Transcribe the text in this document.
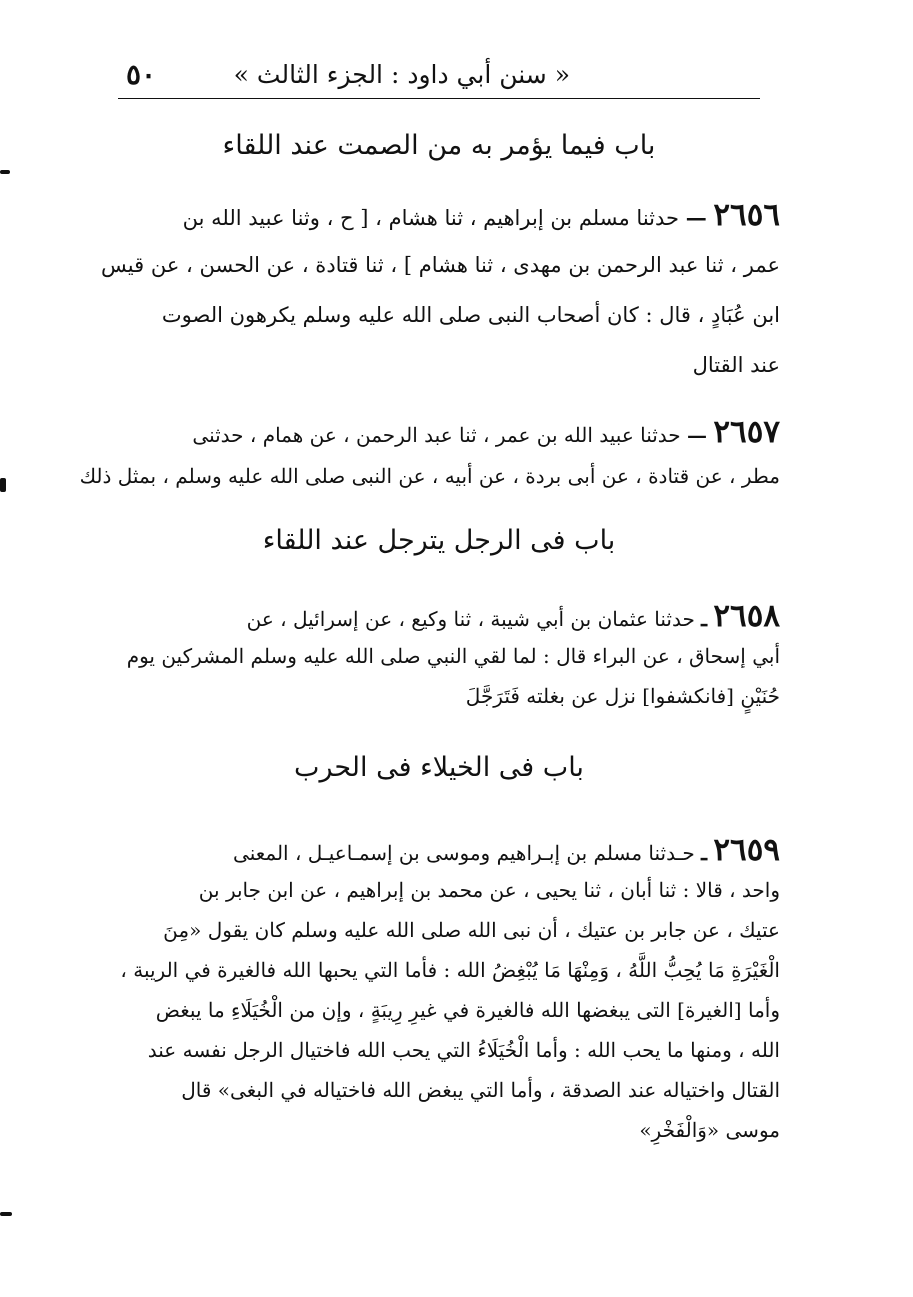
٥٠	« سنن أبي داود : الجزء الثالث »
باب فيما يؤمر به من الصمت عند اللقاء
٢٦٥٦ — حدثنا مسلم بن إبراهيم ، ثنا هشام ، [ ح ، وثنا عبيد الله بن
عمر ، ثنا عبد الرحمن بن مهدى ، ثنا هشام ] ، ثنا قتادة ، عن الحسن ، عن قيس
ابن عُبَادٍ ، قال : كان أصحاب النبى صلى الله عليه وسلم يكرهون الصوت
عند القتال
٢٦٥٧ — حدثنا عبيد الله بن عمر ، ثنا عبد الرحمن ، عن همام ، حدثنى
مطر ، عن قتادة ، عن أبى بردة ، عن أبيه ، عن النبى صلى الله عليه وسلم ، بمثل ذلك
باب فى الرجل يترجل عند اللقاء
٢٦٥٨ ـ حدثنا عثمان بن أبي شيبة ، ثنا وكيع ، عن إسرائيل ، عن
أبي إسحاق ، عن البراء قال : لما لقي النبي صلى الله عليه وسلم المشركين يوم
حُنَيْنٍ [فانكشفوا] نزل عن بغلته فَتَرَجَّلَ
باب فى الخيلاء فى الحرب
٢٦٥٩ ـ حـدثنا مسلم بن إبـراهيم وموسى بن إسمـاعيـل ، المعنى
واحد ، قالا : ثنا أبان ، ثنا يحيى ، عن محمد بن إبراهيم ، عن ابن جابر بن
عتيك ، عن جابر بن عتيك ، أن نبى الله صلى الله عليه وسلم كان يقول «مِنَ
الْغَيْرَةِ مَا يُحِبُّ اللَّهُ ، وَمِنْهَا مَا يُبْغِضُ الله : فأما التي يحبها الله فالغيرة في الريبة ،
وأما [الغيرة] التى يبغضها الله فالغيرة في غيرِ رِيبَةٍ ، وإن من الْخُيَلَاءِ ما يبغض
الله ، ومنها ما يحب الله : وأما الْخُيَلَاءُ التي يحب الله فاختيال الرجل نفسه عند
القتال واختياله عند الصدقة ، وأما التي يبغض الله فاختياله في البغى» قال
موسى «وَالْفَخْرِ»
